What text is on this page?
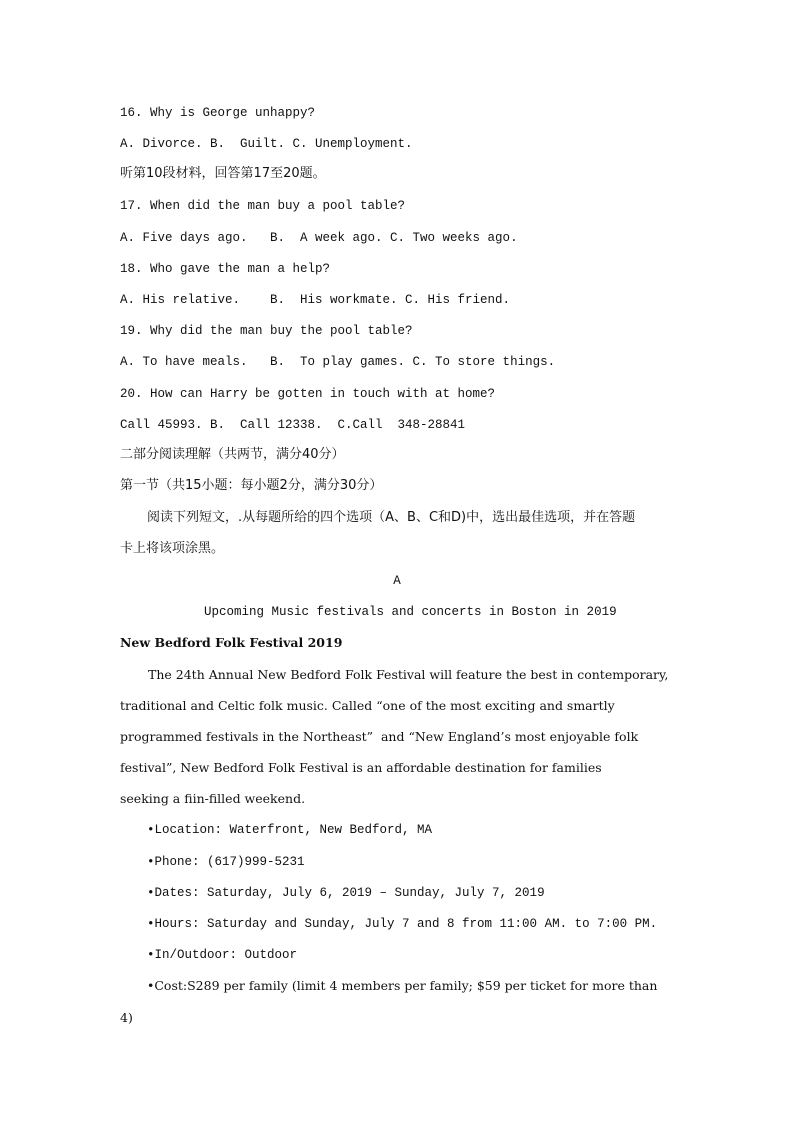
16. Why is George unhappy?
A. Divorce. B.  Guilt. C. Unemployment.
听第10段材料，回答第17至20题。
17. When did the man buy a pool table?
A. Five days ago.   B.  A week ago. C. Two weeks ago.
18. Who gave the man a help?
A. His relative.    B.  His workmate. C. His friend.
19. Why did the man buy the pool table?
A. To have meals.   B.  To play games. C. To store things.
20. How can Harry be gotten in touch with at home?
Call 45993. B.  Call 12338.  C.Call  348-28841
二部分阅读理解（共两节，满分40分）
第一节（共15小题：每小题2分，满分30分）
阅读下列短文，.从每题所给的四个选项（A、B、C和D)中，选出最佳选项，并在答题
卡上将该项涂黑。
A
Upcoming Music festivals and concerts in Boston in 2019
New Bedford Folk Festival 2019
The 24th Annual New Bedford Folk Festival will feature the best in contemporary,
traditional and Celtic folk music. Called “one of the most exciting and smartly
programmed festivals in the Northeast”  and “New England’s most enjoyable folk
festival”, New Bedford Folk Festival is an affordable destination for families
seeking a fiin-filled weekend.
•Location: Waterfront, New Bedford, MA
•Phone: (617)999-5231
•Dates: Saturday, July 6, 2019 – Sunday, July 7, 2019
•Hours: Saturday and Sunday, July 7 and 8 from 11:00 AM. to 7:00 PM.
•In/Outdoor: Outdoor
•Cost:S289 per family (limit 4 members per family; $59 per ticket for more than
4)
